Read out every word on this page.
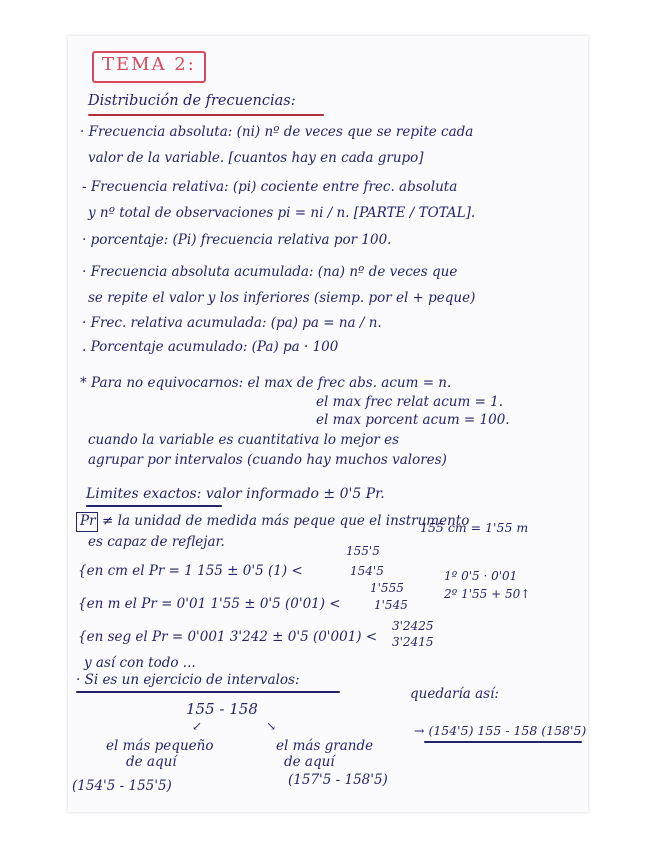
TEMA 2:
Distribución de frecuencias:
· Frecuencia absoluta: (ni) nº de veces que se repite cada
valor de la variable. [cuantos hay en cada grupo]
- Frecuencia relativa: (pi) cociente entre frec. absoluta
y nº total de observaciones pi = ni / n. [PARTE / TOTAL].
· porcentaje: (Pi) frecuencia relativa por 100.
· Frecuencia absoluta acumulada: (na) nº de veces que
se repite el valor y los inferiores (siemp. por el + peque)
· Frec. relativa acumulada: (pa) pa = na / n.
. Porcentaje acumulado: (Pa) pa · 100
* Para no equivocarnos: el max de frec abs. acum = n.
el max frec relat acum = 1.
el max porcent acum = 100.
cuando la variable es cuantitativa lo mejor es
agrupar por intervalos (cuando hay muchos valores)
Limites exactos: valor informado ± 0'5 Pr.
Pr ≠ la unidad de medida más peque que el instrumento
es capaz de reflejar.
155 cm = 1'55 m
{en cm el Pr = 1 155 ± 0'5 (1) <
155'5
154'5
{en m el Pr = 0'01 1'55 ± 0'5 (0'01) <
1'555
1'545
1º 0'5 · 0'01
2º 1'55 + 50↑
{en seg el Pr = 0'001 3'242 ± 0'5 (0'001) <
3'2425
3'2415
y así con todo ...
· Si es un ejercicio de intervalos:
quedaría así:
155 - 158
↙	↘	→ (154'5) 155 - 158 (158'5)
el más pequeño
de aquí
el más grande
de aquí
(154'5 - 155'5)	(157'5 - 158'5)
